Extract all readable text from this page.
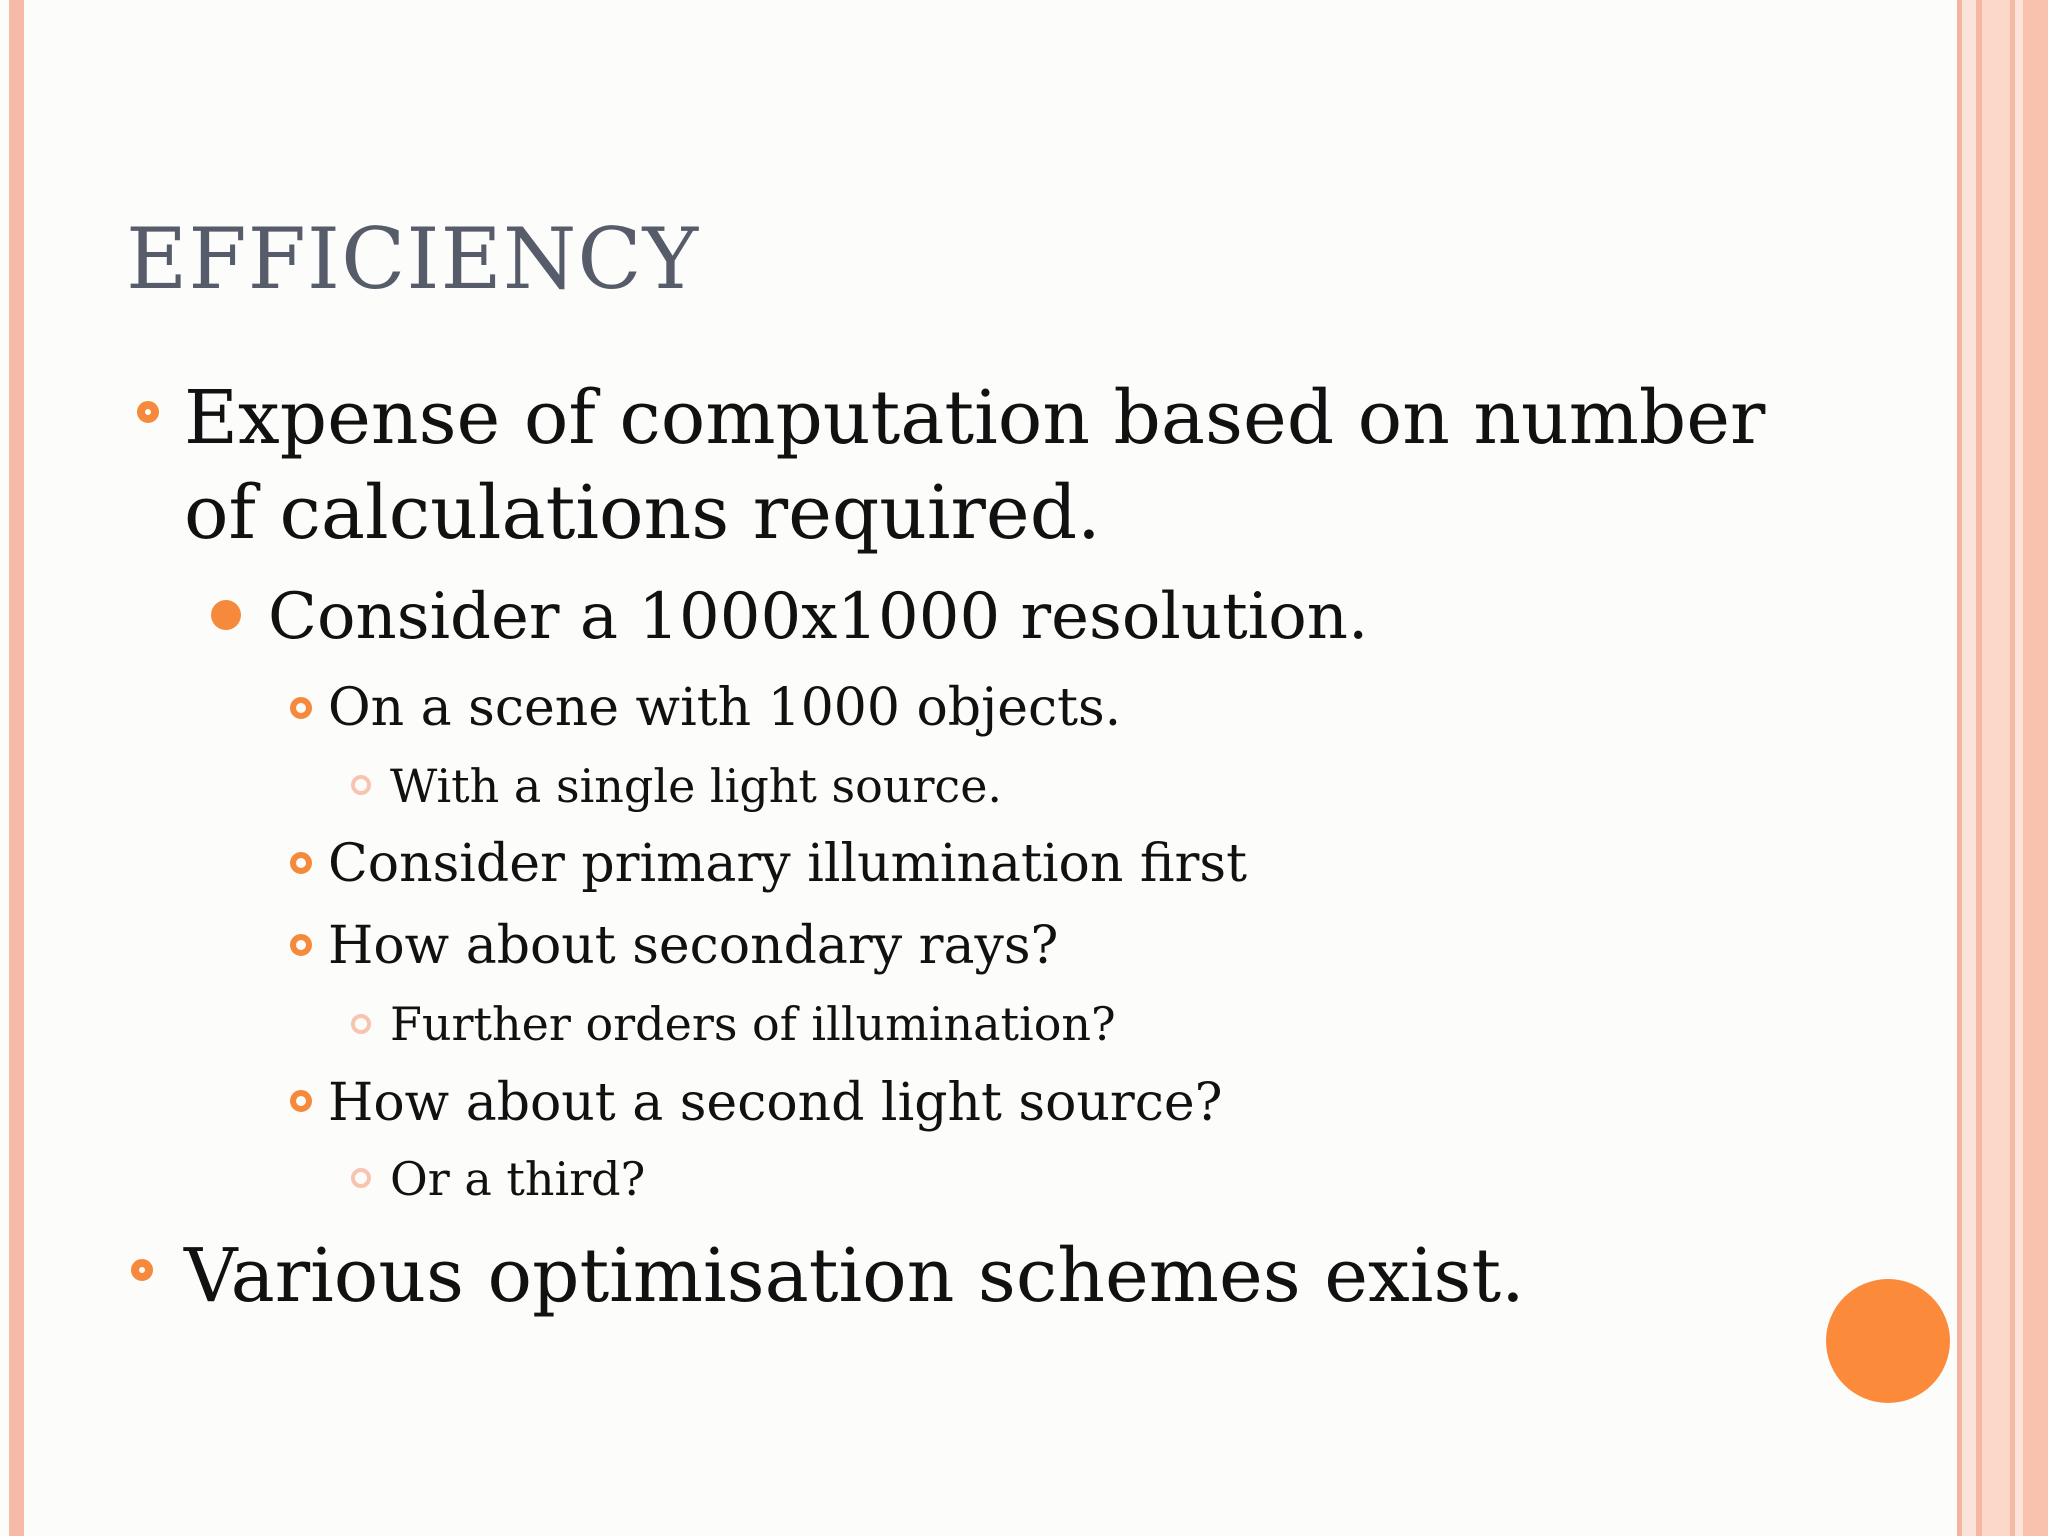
EFFICIENCY
Expense of computation based on number
of calculations required.
Consider a 1000x1000 resolution.
On a scene with 1000 objects.
With a single light source.
Consider primary illumination first
How about secondary rays?
Further orders of illumination?
How about a second light source?
Or a third?
Various optimisation schemes exist.
